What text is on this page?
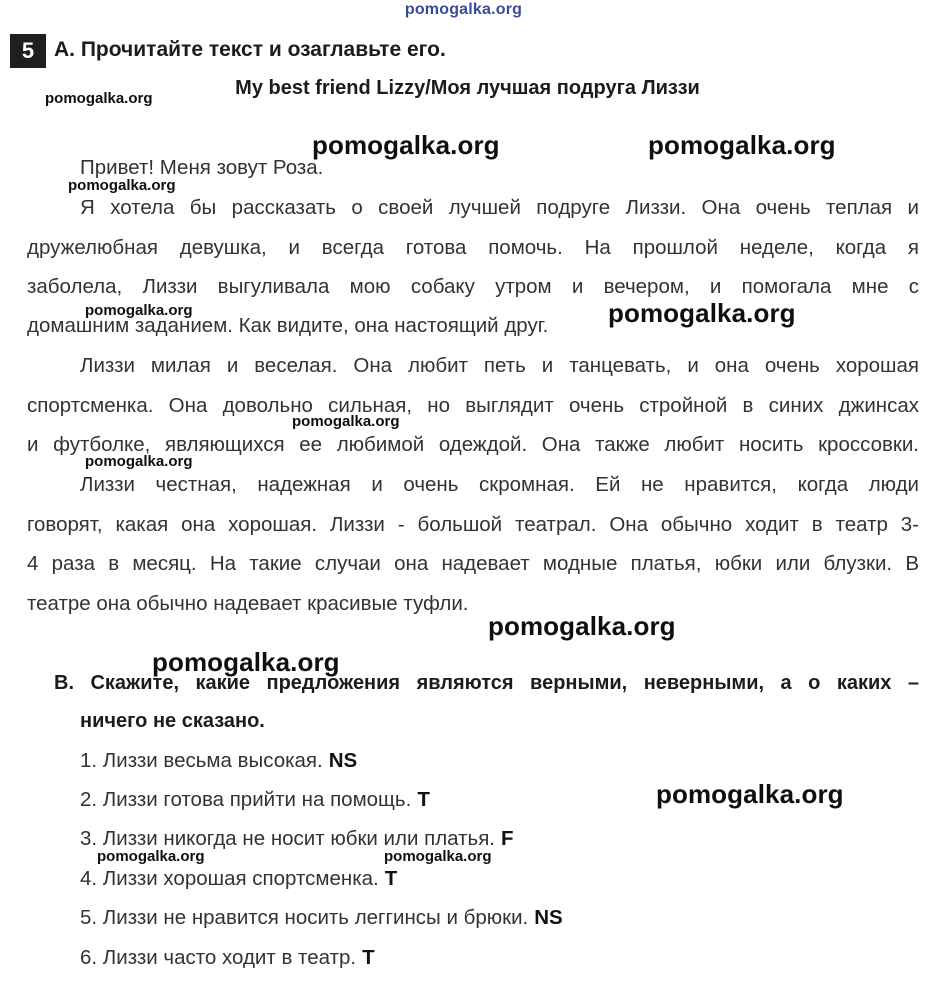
pomogalka.org
5 A. Прочитайте текст и озаглавьте его.
My best friend Lizzy/Моя лучшая подруга Лиззи
Привет! Меня зовут Роза.
Я хотела бы рассказать о своей лучшей подруге Лиззи. Она очень теплая и
дружелюбная девушка, и всегда готова помочь. На прошлой неделе, когда я
заболела, Лиззи выгуливала мою собаку утром и вечером, и помогала мне с
домашним заданием. Как видите, она настоящий друг.
Лиззи милая и веселая. Она любит петь и танцевать, и она очень хорошая
спортсменка. Она довольно сильная, но выглядит очень стройной в синих джинсах
и футболке, являющихся ее любимой одеждой. Она также любит носить кроссовки.
Лиззи честная, надежная и очень скромная. Ей не нравится, когда люди
говорят, какая она хорошая. Лиззи - большой театрал. Она обычно ходит в театр 3-
4 раза в месяц. На такие случаи она надевает модные платья, юбки или блузки. В
театре она обычно надевает красивые туфли.
B. Скажите, какие предложения являются верными, неверными, а о каких –
ничего не сказано.
1. Лиззи весьма высокая. NS
2. Лиззи готова прийти на помощь. T
3. Лиззи никогда не носит юбки или платья. F
4. Лиззи хорошая спортсменка. T
5. Лиззи не нравится носить леггинсы и брюки. NS
6. Лиззи часто ходит в театр. T
pomogalka.org
pomogalka.org	pomogalka.org
pomogalka.org
pomogalka.org	pomogalka.org
pomogalka.org
pomogalka.org
pomogalka.org
pomogalka.org
pomogalka.org
pomogalka.org	pomogalka.org
